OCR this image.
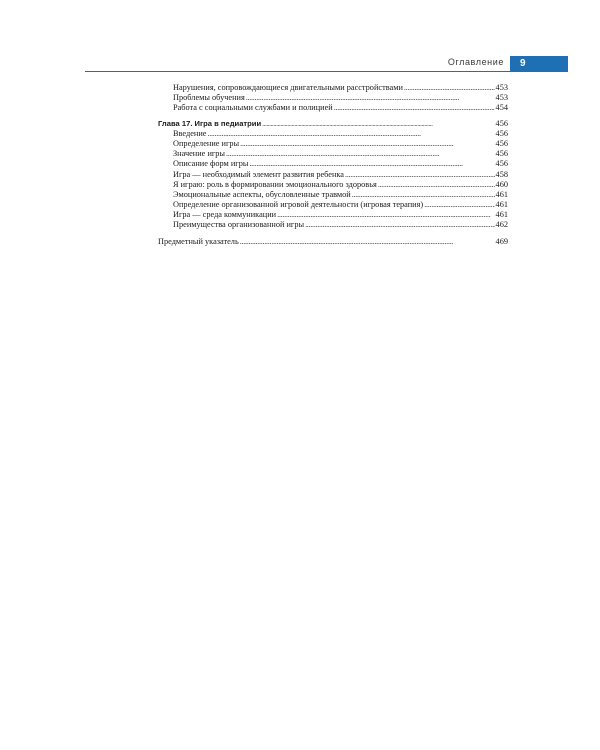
Оглавление	9
Нарушения, сопровождающиеся двигательными расстройствами . . .	453
Проблемы обучения . . .	453
Работа с социальными службами и полицией . . .	454
Глава 17. Игра в педиатрии . . .	456
Введение . . .	456
Определение игры . . .	456
Значение игры . . .	456
Описание форм игры . . .	456
Игра — необходимый элемент развития ребенка . . .	458
Я играю: роль в формировании эмоционального здоровья . . .	460
Эмоциональные аспекты, обусловленные травмой . . .	461
Определение организованной игровой деятельности (игровая терапия) . . .	461
Игра — среда коммуникации . . .	461
Преимущества организованной игры . . .	462
Предметный указатель . . .	469
